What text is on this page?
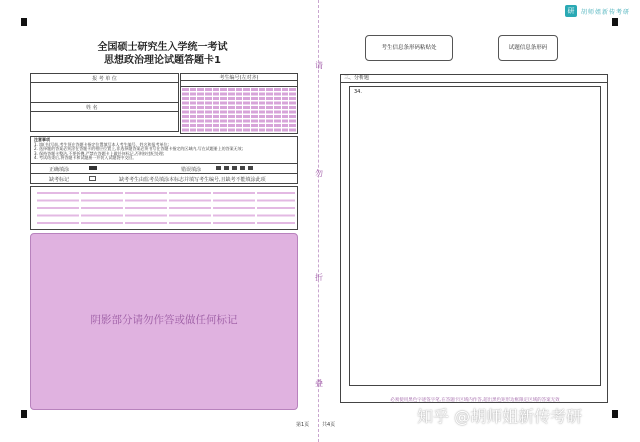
全国硕士研究生入学统一考试
思想政治理论试题答题卡1
报 考 单 位

姓 名

考生编号(左对齐)
注意事项
1. 填(书)写前,考生须在答题卡指定位置填写本人考生编号、姓名和报考单位;
2. 选择题的答案必须涂在答题卡的相应位置上,非选择题答案必须书写在答题卡指定的区域内,写在试题册上的答案无效;
3. 保持答题卡整洁,不要折叠,严禁在答题卡上做任何标记,否则按违纪处理;
4. 考试结束后,将答题卡和试题册一并装入试题袋中交回。
正确填涂	错误填涂
缺考标记	缺考考生由监考员填涂本标志并填写考生编号,且缺考不能填涂此项
阴影部分请勿作答或做任何标记
请
勿
折
叠
研	胡师姐新传考研
考生信息条形码粘贴处	试题信息条形码
三、分析题
34.
必须使用黑色字迹签字笔,在答题卡区域内作答,超出黑色矩形边框限定区域的答案无效
第1页	共4页	知乎 @胡师姐新传考研
